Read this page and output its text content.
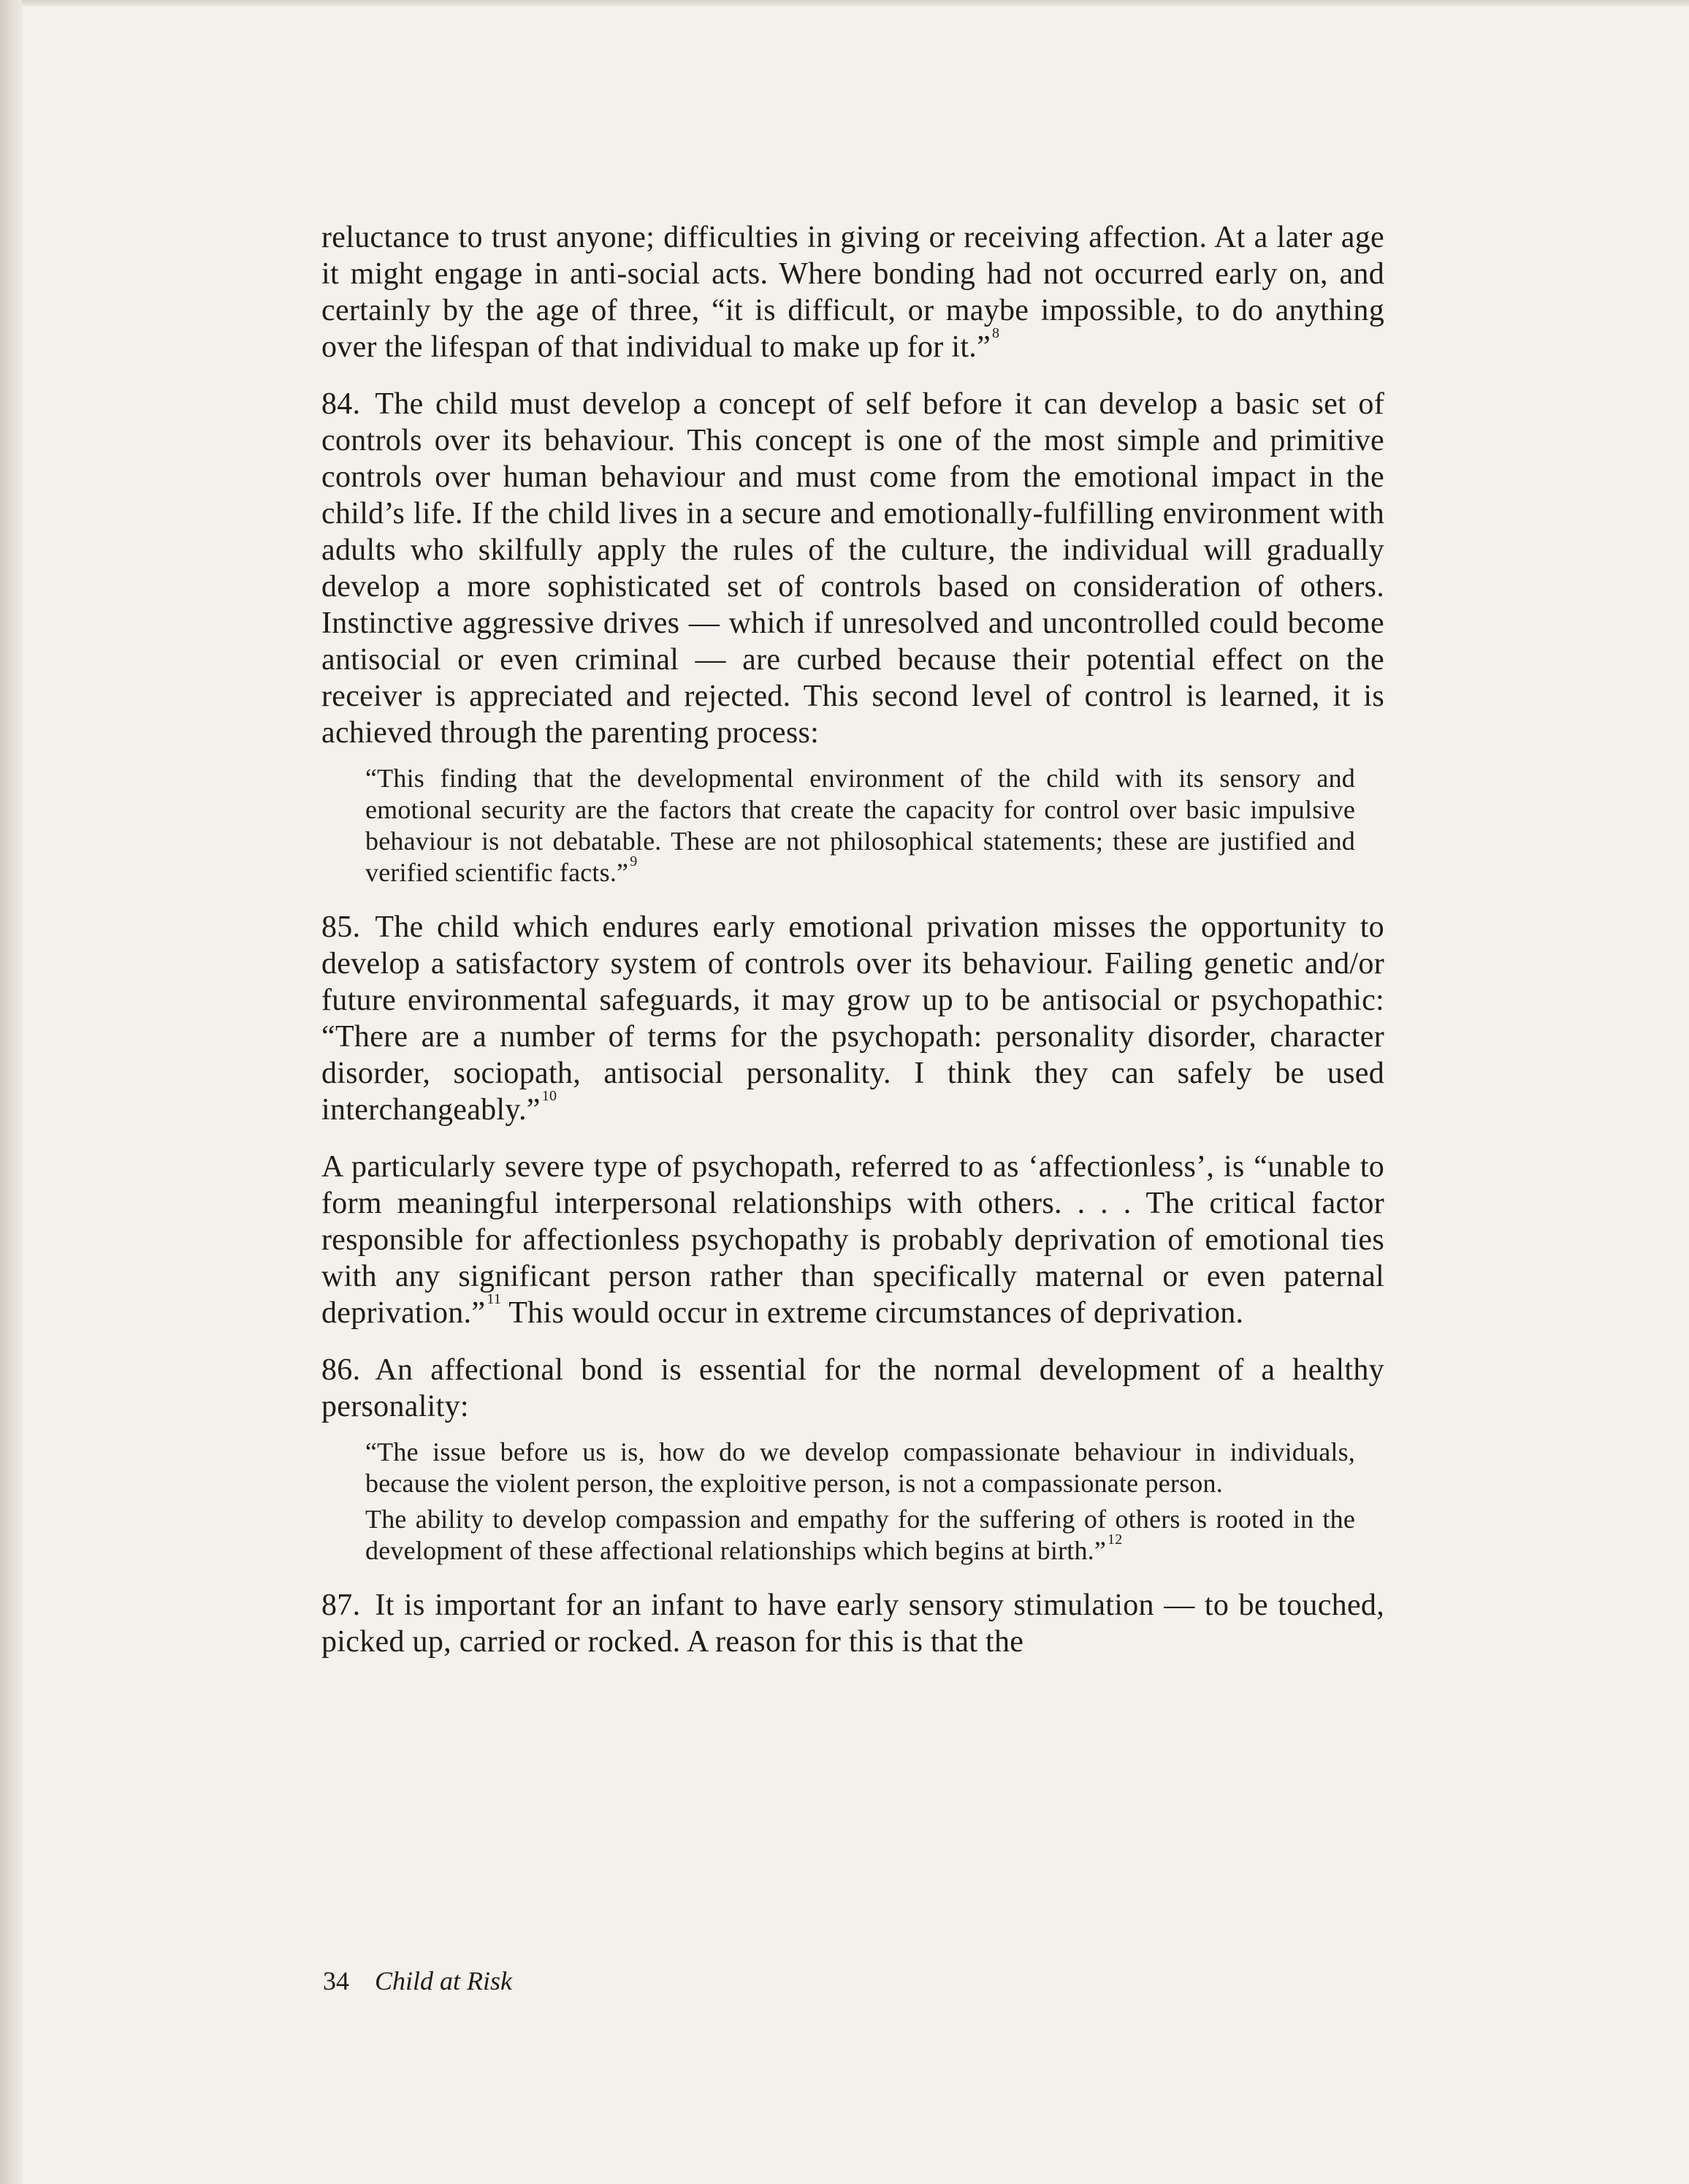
reluctance to trust anyone; difficulties in giving or receiving affection. At a later age it might engage in anti-social acts. Where bonding had not occurred early on, and certainly by the age of three, “it is difficult, or maybe impossible, to do anything over the lifespan of that individual to make up for it.” $^8$

84. The child must develop a concept of self before it can develop a basic set of controls over its behaviour. This concept is one of the most simple and primitive controls over human behaviour and must come from the emotional impact in the child’s life. If the child lives in a secure and emotionally-fulfilling environment with adults who skilfully apply the rules of the culture, the individual will gradually develop a more sophisticated set of controls based on consideration of others. Instinctive aggressive drives — which if unresolved and uncontrolled could become antisocial or even criminal — are curbed because their potential effect on the receiver is appreciated and rejected. This second level of control is learned, it is achieved through the parenting process:

“This finding that the developmental environment of the child with its sensory and emotional security are the factors that create the capacity for control over basic impulsive behaviour is not debatable. These are not philosophical statements; these are justified and verified scientific facts.” $^9$

85. The child which endures early emotional privation misses the opportunity to develop a satisfactory system of controls over its behaviour. Failing genetic and/or future environmental safeguards, it may grow up to be antisocial or psychopathic: “There are a number of terms for the psychopath: personality disorder, character disorder, sociopath, antisocial personality. I think they can safely be used interchangeably.” $^{10}$

A particularly severe type of psychopath, referred to as ‘affectionless’, is “unable to form meaningful interpersonal relationships with others. . . . The critical factor responsible for affectionless psychopathy is probably deprivation of emotional ties with any significant person rather than specifically maternal or even paternal deprivation.” $^{11}$ This would occur in extreme circumstances of deprivation.

86. An affectional bond is essential for the normal development of a healthy personality:

“The issue before us is, how do we develop compassionate behaviour in individuals, because the violent person, the exploitive person, is not a compassionate person.

The ability to develop compassion and empathy for the suffering of others is rooted in the development of these affectional relationships which begins at birth.” $^{12}$

87. It is important for an infant to have early sensory stimulation — to be touched, picked up, carried or rocked. A reason for this is that the

34 Child at Risk
